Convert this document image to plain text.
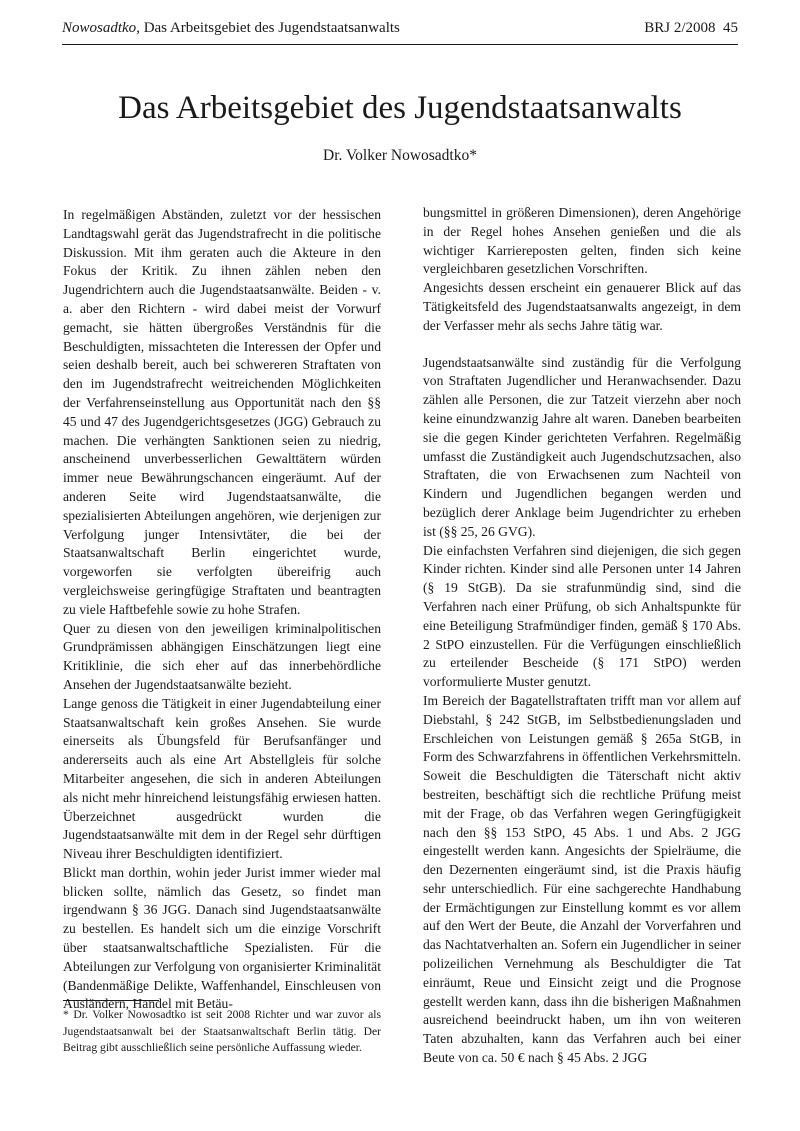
Nowosadtko, Das Arbeitsgebiet des Jugendstaatsanwalts	BRJ 2/2008 45
Das Arbeitsgebiet des Jugendstaatsanwalts
Dr. Volker Nowosadtko*

In regelmäßigen Abständen, zuletzt vor der hessischen Landtagswahl gerät das Jugendstrafrecht in die politische Diskussion. Mit ihm geraten auch die Akteure in den Fokus der Kritik. Zu ihnen zählen neben den Jugendrichtern auch die Jugendstaatsanwälte. Beiden - v. a. aber den Richtern - wird dabei meist der Vorwurf gemacht, sie hätten übergroßes Verständnis für die Beschuldigten, missachteten die Interessen der Opfer und seien deshalb bereit, auch bei schwereren Straftaten von den im Jugendstrafrecht weitreichenden Möglichkeiten der Verfahrenseinstellung aus Opportunität nach den §§ 45 und 47 des Jugendgerichtsgesetzes (JGG) Gebrauch zu machen. Die verhängten Sanktionen seien zu niedrig, anscheinend unverbesserlichen Gewalttätern würden immer neue Bewährungschancen eingeräumt. Auf der anderen Seite wird Jugendstaatsanwälte, die spezialisierten Abteilungen angehören, wie derjenigen zur Verfolgung junger Intensivtäter, die bei der Staatsanwaltschaft Berlin eingerichtet wurde, vorgeworfen sie verfolgten übereifrig auch vergleichsweise geringfügige Straftaten und beantragten zu viele Haftbefehle sowie zu hohe Strafen.

Quer zu diesen von den jeweiligen kriminalpolitischen Grundprämissen abhängigen Einschätzungen liegt eine Kritiklinie, die sich eher auf das innerbehördliche Ansehen der Jugendstaatsanwälte bezieht.

Lange genoss die Tätigkeit in einer Jugendabteilung einer Staatsanwaltschaft kein großes Ansehen. Sie wurde einerseits als Übungsfeld für Berufsanfänger und andererseits auch als eine Art Abstellgleis für solche Mitarbeiter angesehen, die sich in anderen Abteilungen als nicht mehr hinreichend leistungsfähig erwiesen hatten. Überzeichnet ausgedrückt wurden die Jugendstaatsanwälte mit dem in der Regel sehr dürftigen Niveau ihrer Beschuldigten identifiziert.

Blickt man dorthin, wohin jeder Jurist immer wieder mal blicken sollte, nämlich das Gesetz, so findet man irgendwann § 36 JGG. Danach sind Jugendstaatsanwälte zu bestellen. Es handelt sich um die einzige Vorschrift über staatsanwaltschaftliche Spezialisten. Für die Abteilungen zur Verfolgung von organisierter Kriminalität (Bandenmäßige Delikte, Waffenhandel, Einschleusen von Ausländern, Handel mit Betäu-

bungsmittel in größeren Dimensionen), deren Angehörige in der Regel hohes Ansehen genießen und die als wichtiger Karriereposten gelten, finden sich keine vergleichbaren gesetzlichen Vorschriften.

Angesichts dessen erscheint ein genauerer Blick auf das Tätigkeitsfeld des Jugendstaatsanwalts angezeigt, in dem der Verfasser mehr als sechs Jahre tätig war.

Jugendstaatsanwälte sind zuständig für die Verfolgung von Straftaten Jugendlicher und Heranwachsender. Dazu zählen alle Personen, die zur Tatzeit vierzehn aber noch keine einundzwanzig Jahre alt waren. Daneben bearbeiten sie die gegen Kinder gerichteten Verfahren. Regelmäßig umfasst die Zuständigkeit auch Jugendschutzsachen, also Straftaten, die von Erwachsenen zum Nachteil von Kindern und Jugendlichen begangen werden und bezüglich derer Anklage beim Jugendrichter zu erheben ist (§§ 25, 26 GVG).

Die einfachsten Verfahren sind diejenigen, die sich gegen Kinder richten. Kinder sind alle Personen unter 14 Jahren (§ 19 StGB). Da sie strafunmündig sind, sind die Verfahren nach einer Prüfung, ob sich Anhaltspunkte für eine Beteiligung Strafmündiger finden, gemäß § 170 Abs. 2 StPO einzustellen. Für die Verfügungen einschließlich zu erteilender Bescheide (§ 171 StPO) werden vorformulierte Muster genutzt.

Im Bereich der Bagatellstraftaten trifft man vor allem auf Diebstahl, § 242 StGB, im Selbstbedienungsladen und Erschleichen von Leistungen gemäß § 265a StGB, in Form des Schwarzfahrens in öffentlichen Verkehrsmitteln. Soweit die Beschuldigten die Täterschaft nicht aktiv bestreiten, beschäftigt sich die rechtliche Prüfung meist mit der Frage, ob das Verfahren wegen Geringfügigkeit nach den §§ 153 StPO, 45 Abs. 1 und Abs. 2 JGG eingestellt werden kann. Angesichts der Spielräume, die den Dezernenten eingeräumt sind, ist die Praxis häufig sehr unterschiedlich. Für eine sachgerechte Handhabung der Ermächtigungen zur Einstellung kommt es vor allem auf den Wert der Beute, die Anzahl der Vorverfahren und das Nachtatverhalten an. Sofern ein Jugendlicher in seiner polizeilichen Vernehmung als Beschuldigter die Tat einräumt, Reue und Einsicht zeigt und die Prognose gestellt werden kann, dass ihn die bisherigen Maßnahmen ausreichend beeindruckt haben, um ihn von weiteren Taten abzuhalten, kann das Verfahren auch bei einer Beute von ca. 50 € nach § 45 Abs. 2 JGG

* Dr. Volker Nowosadtko ist seit 2008 Richter und war zuvor als Jugendstaatsanwalt bei der Staatsanwaltschaft Berlin tätig. Der Beitrag gibt ausschließlich seine persönliche Auffassung wieder.
